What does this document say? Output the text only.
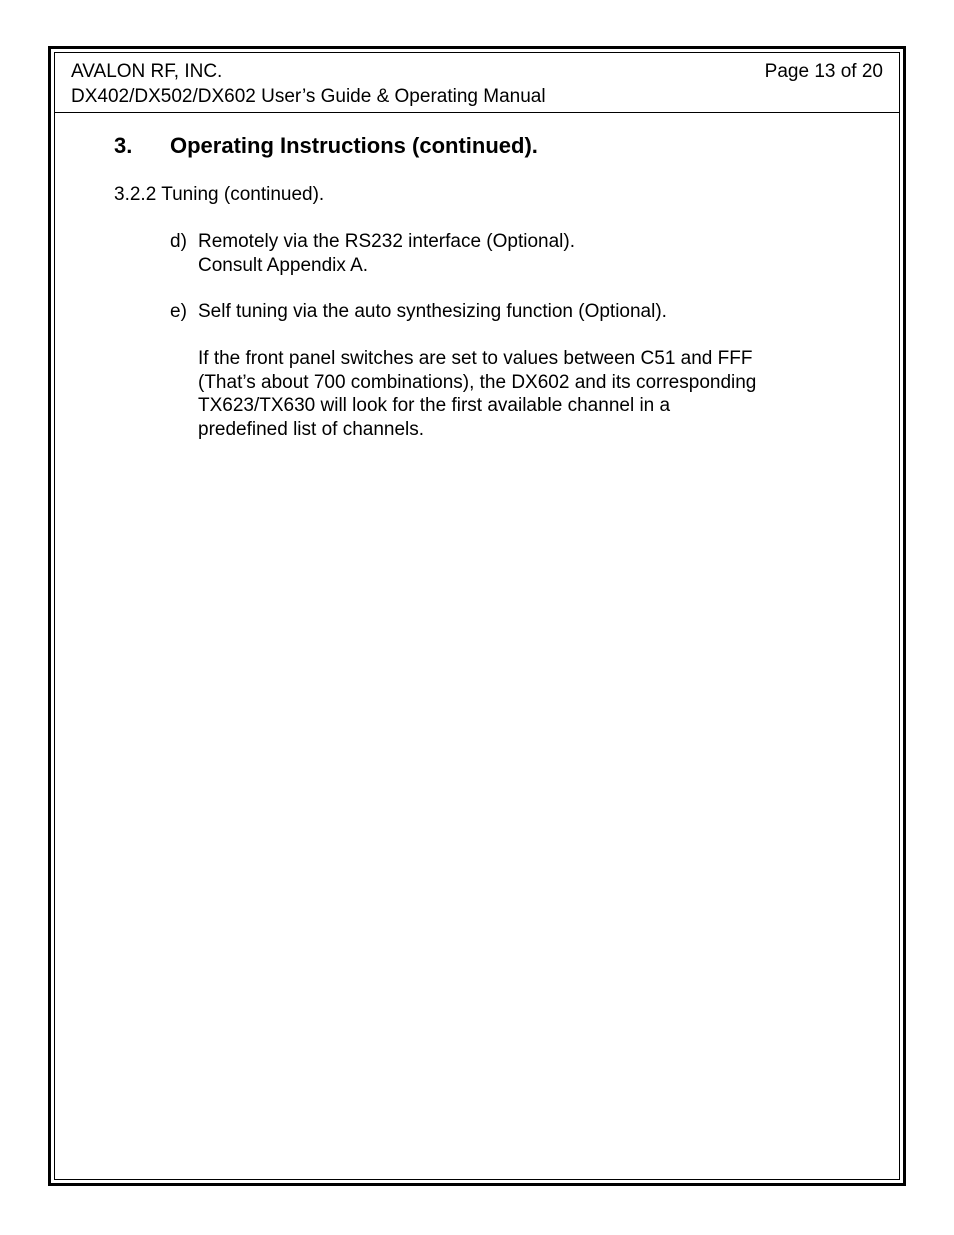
AVALON RF, INC.
DX402/DX502/DX602 User’s Guide & Operating Manual
Page 13 of 20
3. Operating Instructions (continued).
3.2.2 Tuning (continued).
d) Remotely via the RS232 interface (Optional).
Consult Appendix A.
e) Self tuning via the auto synthesizing function (Optional).
If the front panel switches are set to values between C51 and FFF
(That’s about 700 combinations), the DX602 and its corresponding
TX623/TX630 will look for the first available channel in a
predefined list of channels.
